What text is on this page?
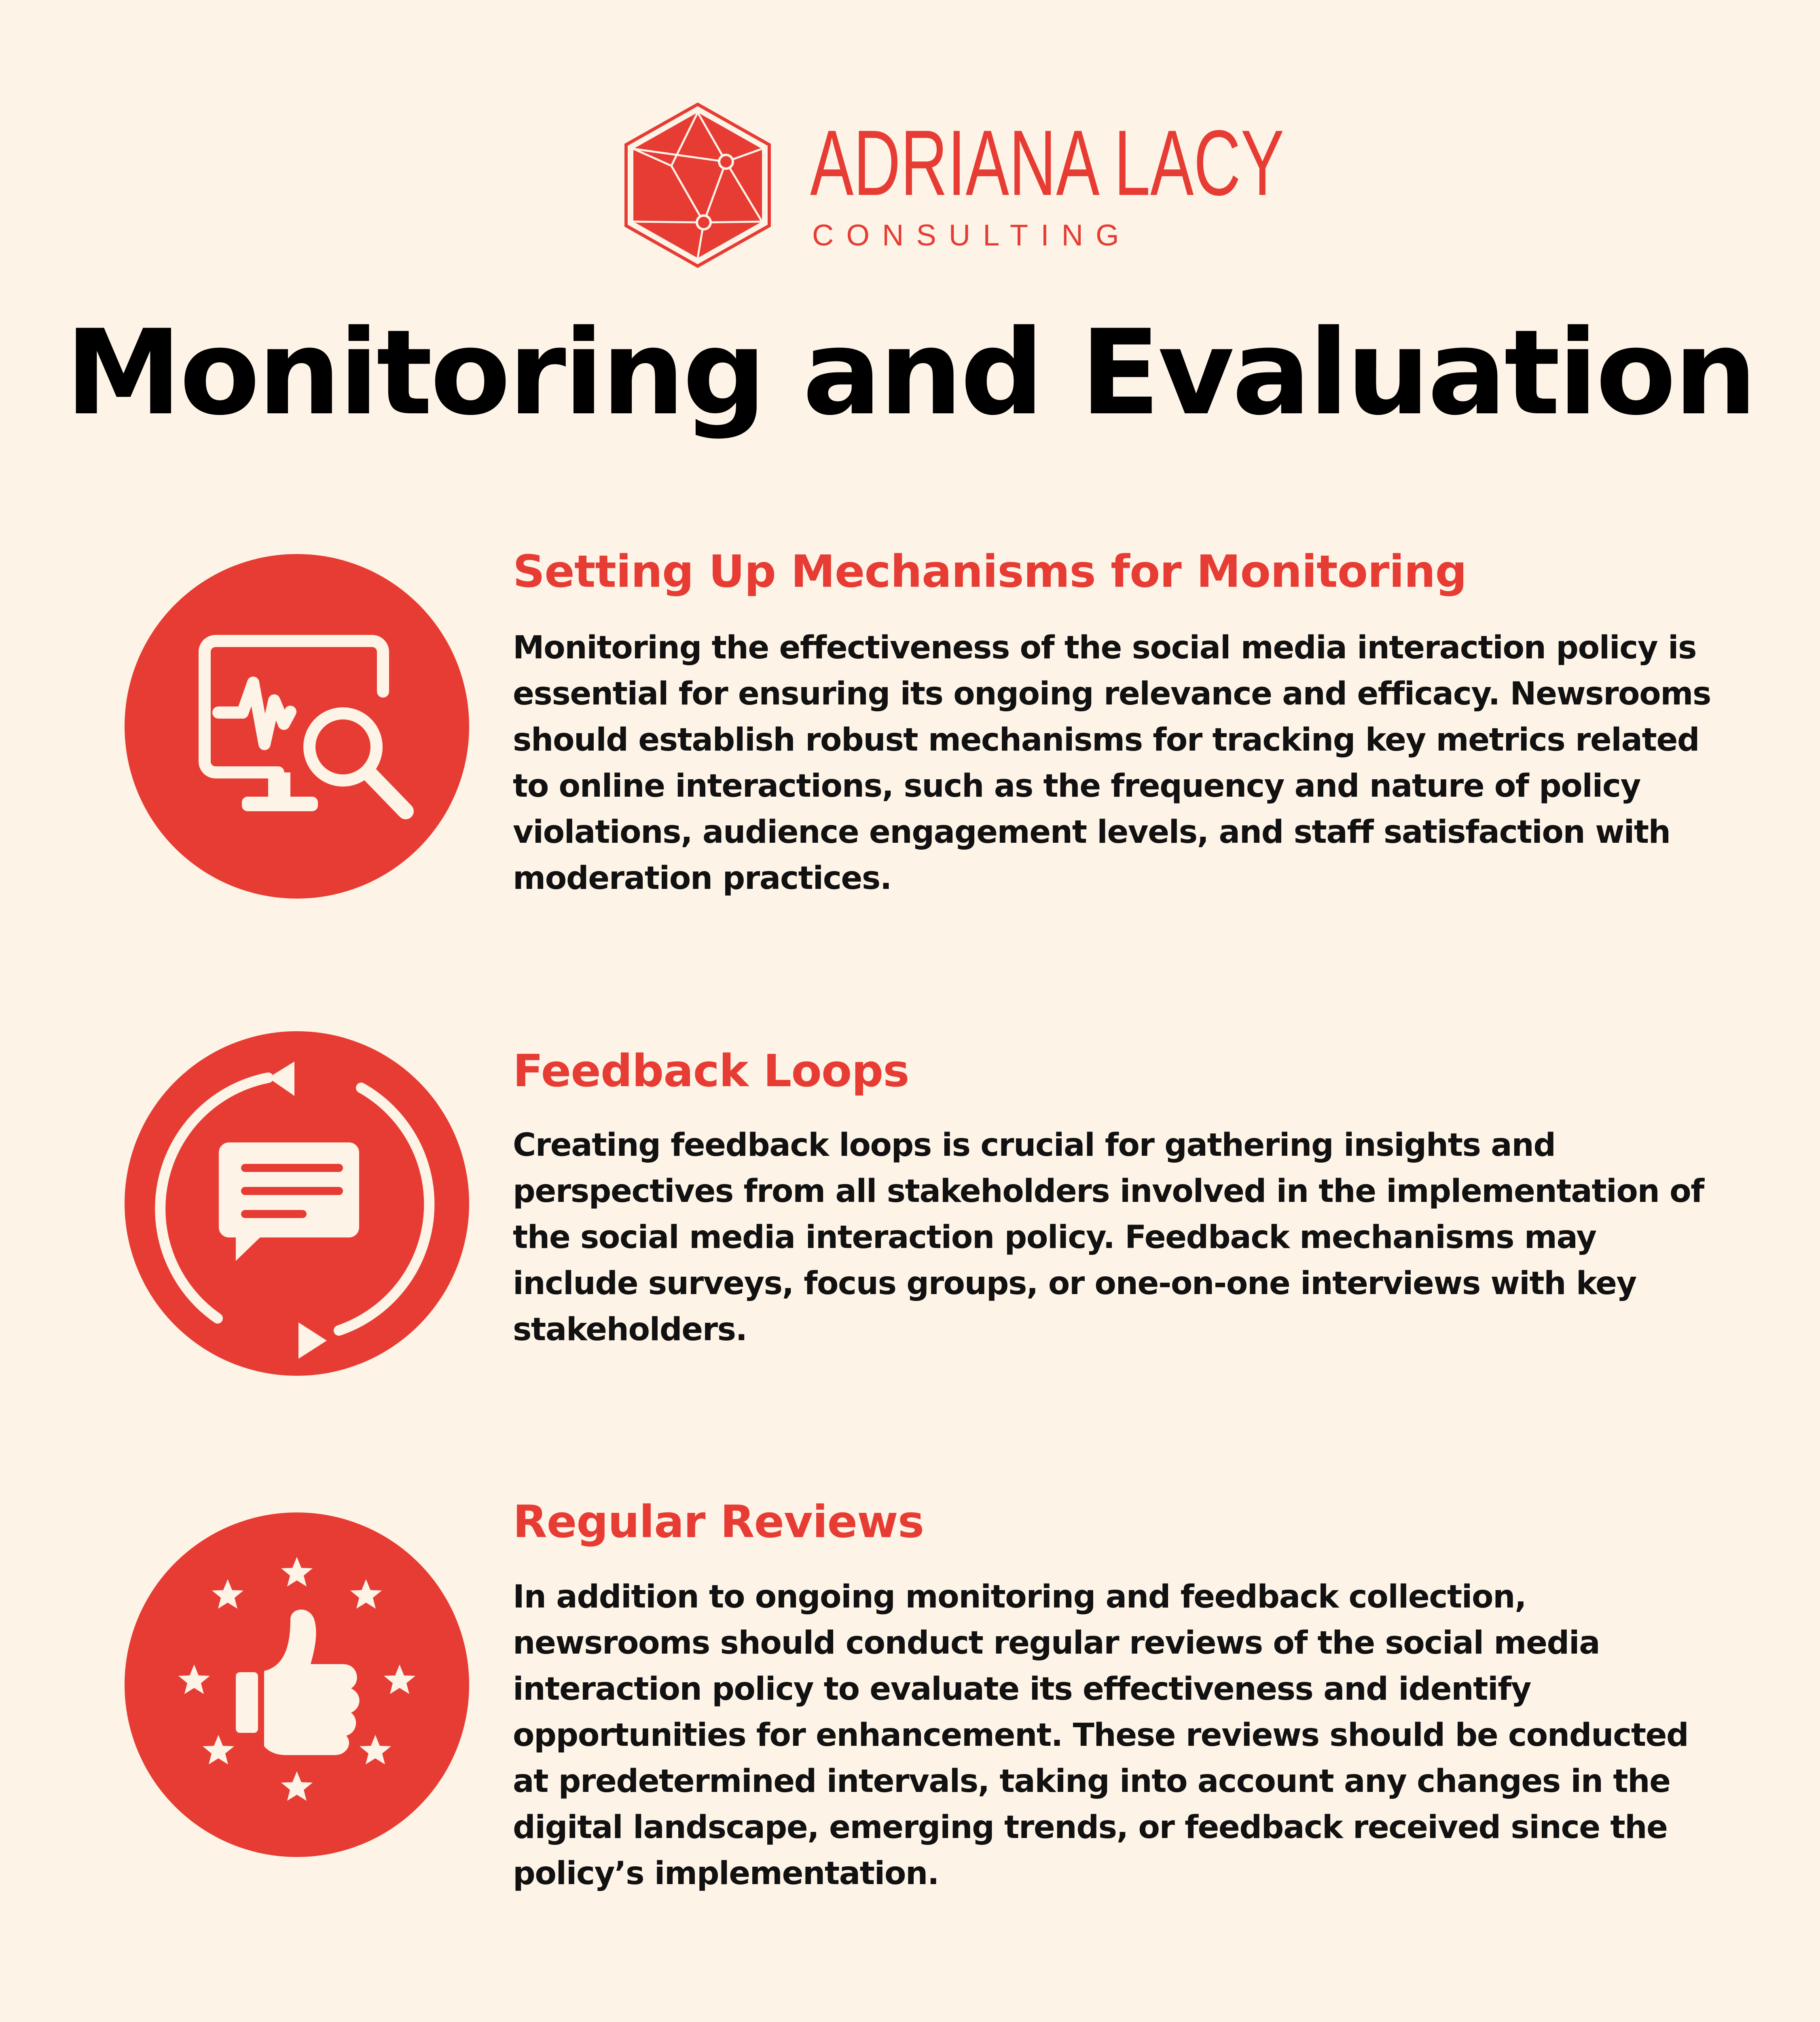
ADRIANA LACY
CONSULTING
Monitoring and Evaluation
Setting Up Mechanisms for Monitoring

Monitoring the effectiveness of the social media interaction policy is essential for ensuring its ongoing relevance and efficacy. Newsrooms should establish robust mechanisms for tracking key metrics related to online interactions, such as the frequency and nature of policy violations, audience engagement levels, and staff satisfaction with moderation practices.

Feedback Loops

Creating feedback loops is crucial for gathering insights and perspectives from all stakeholders involved in the implementation of the social media interaction policy. Feedback mechanisms may include surveys, focus groups, or one-on-one interviews with key stakeholders.

Regular Reviews

In addition to ongoing monitoring and feedback collection, newsrooms should conduct regular reviews of the social media interaction policy to evaluate its effectiveness and identify opportunities for enhancement. These reviews should be conducted at predetermined intervals, taking into account any changes in the digital landscape, emerging trends, or feedback received since the policy’s implementation.
